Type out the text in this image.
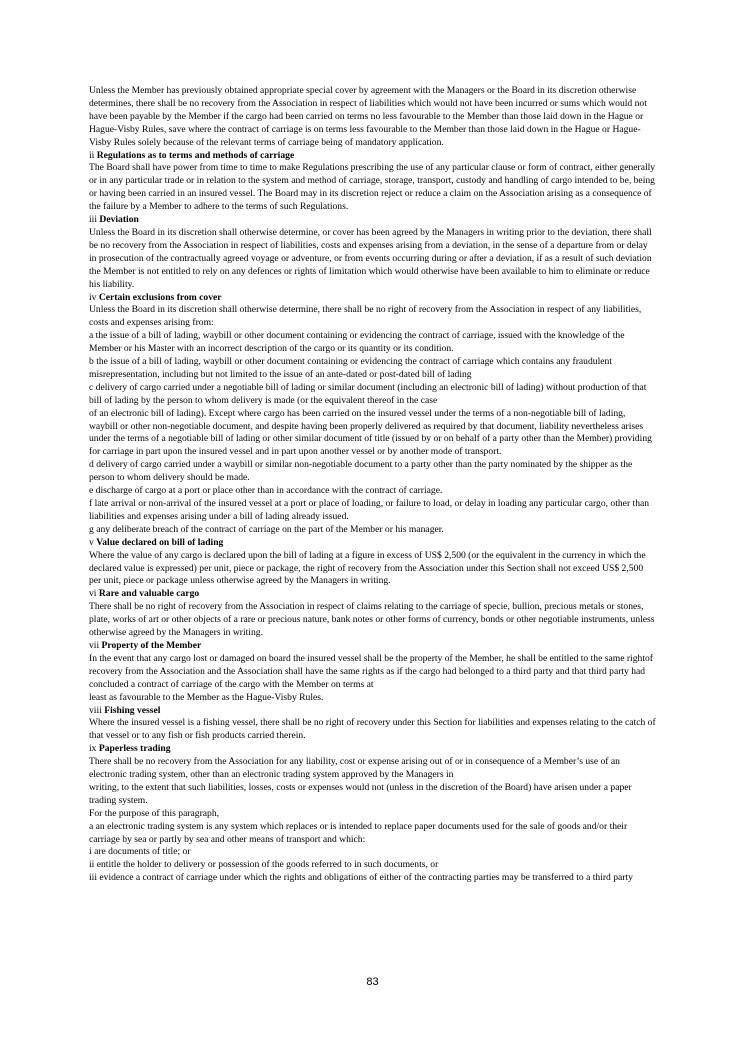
Unless the Member has previously obtained appropriate special cover by agreement with the Managers or the Board in its discretion otherwise determines, there shall be no recovery from the Association in respect of liabilities which would not have been incurred or sums which would not have been payable by the Member if the cargo had been carried on terms no less favourable to the Member than those laid down in the Hague or Hague-Visby Rules, save where the contract of carriage is on terms less favourable to the Member than those laid down in the Hague or Hague-Visby Rules solely because of the relevant terms of carriage being of mandatory application.

ii Regulations as to terms and methods of carriage

The Board shall have power from time to time to make Regulations prescribing the use of any particular clause or form of contract, either generally or in any particular trade or in relation to the system and method of carriage, storage, transport, custody and handling of cargo intended to be, being or having been carried in an insured vessel. The Board may in its discretion reject or reduce a claim on the Association arising as a consequence of the failure by a Member to adhere to the terms of such Regulations.

iii Deviation

Unless the Board in its discretion shall otherwise determine, or cover has been agreed by the Managers in writing prior to the deviation, there shall be no recovery from the Association in respect of liabilities, costs and expenses arising from a deviation, in the sense of a departure from or delay in prosecution of the contractually agreed voyage or adventure, or from events occurring during or after a deviation, if as a result of such deviation the Member is not entitled to rely on any defences or rights of limitation which would otherwise have been available to him to eliminate or reduce his liability.

iv Certain exclusions from cover

Unless the Board in its discretion shall otherwise determine, there shall be no right of recovery from the Association in respect of any liabilities, costs and expenses arising from:

a the issue of a bill of lading, waybill or other document containing or evidencing the contract of carriage, issued with the knowledge of the Member or his Master with an incorrect description of the cargo or its quantity or its condition.

b the issue of a bill of lading, waybill or other document containing or evidencing the contract of carriage which contains any fraudulent misrepresentation, including but not limited to the issue of an ante-dated or post-dated bill of lading

c delivery of cargo carried under a negotiable bill of lading or similar document (including an electronic bill of lading) without production of that bill of lading by the person to whom delivery is made (or the equivalent thereof in the case

of an electronic bill of lading). Except where cargo has been carried on the insured vessel under the terms of a non-negotiable bill of lading, waybill or other non-negotiable document, and despite having been properly delivered as required by that document, liability nevertheless arises under the terms of a negotiable bill of lading or other similar document of title (issued by or on behalf of a party other than the Member) providing for carriage in part upon the insured vessel and in part upon another vessel or by another mode of transport.

d delivery of cargo carried under a waybill or similar non-negotiable document to a party other than the party nominated by the shipper as the person to whom delivery should be made.

e discharge of cargo at a port or place other than in accordance with the contract of carriage.

f late arrival or non-arrival of the insured vessel at a port or place of loading, or failure to load, or delay in loading any particular cargo, other than liabilities and expenses arising under a bill of lading already issued.

g any deliberate breach of the contract of carriage on the part of the Member or his manager.

v Value declared on bill of lading

Where the value of any cargo is declared upon the bill of lading at a figure in excess of US$ 2,500 (or the equivalent in the currency in which the declared value is expressed) per unit, piece or package, the right of recovery from the Association under this Section shall not exceed US$ 2,500 per unit, piece or package unless otherwise agreed by the Managers in writing.

vi Rare and valuable cargo

There shall be no right of recovery from the Association in respect of claims relating to the carriage of specie, bullion, precious metals or stones, plate, works of art or other objects of a rare or precious nature, bank notes or other forms of currency, bonds or other negotiable instruments, unless otherwise agreed by the Managers in writing.

vii Property of the Member

In the event that any cargo lost or damaged on board the insured vessel shall be the property of the Member, he shall be entitled to the same rightof recovery from the Association and the Association shall have the same rights as if the cargo had belonged to a third party and that third party had concluded a contract of carriage of the cargo with the Member on terms at

least as favourable to the Member as the Hague-Visby Rules.

viii Fishing vessel

Where the insured vessel is a fishing vessel, there shall be no right of recovery under this Section for liabilities and expenses relating to the catch of that vessel or to any fish or fish products carried therein.

ix Paperless trading

There shall be no recovery from the Association for any liability, cost or expense arising out of or in consequence of a Member’s use of an electronic trading system, other than an electronic trading system approved by the Managers in

writing, to the extent that such liabilities, losses, costs or expenses would not (unless in the discretion of the Board) have arisen under a paper trading system.

For the purpose of this paragraph,

a an electronic trading system is any system which replaces or is intended to replace paper documents used for the sale of goods and/or their carriage by sea or partly by sea and other means of transport and which:

i are documents of title; or

ii entitle the holder to delivery or possession of the goods referred to in such documents, or

iii evidence a contract of carriage under which the rights and obligations of either of the contracting parties may be transferred to a third party

83
